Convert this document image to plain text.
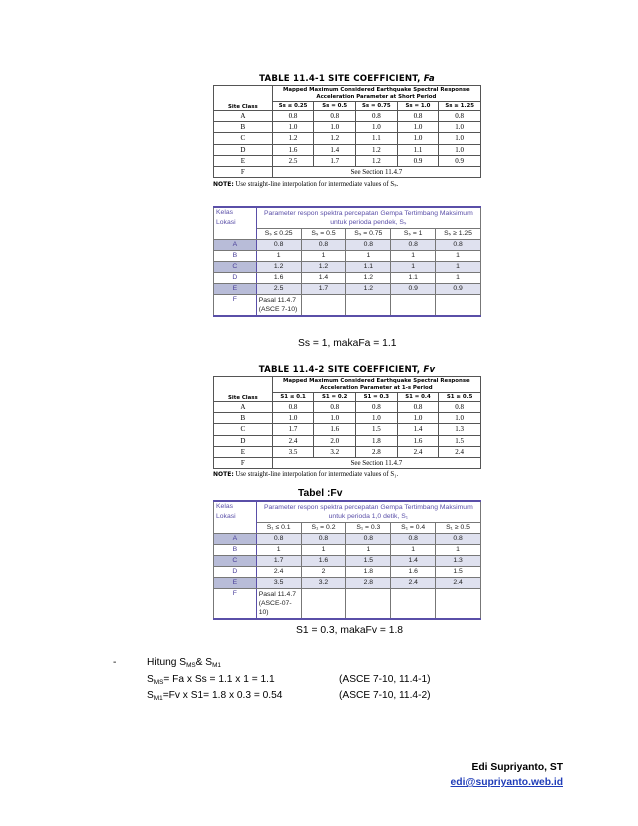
TABLE 11.4-1 SITE COEFFICIENT, Fa
Site Class	Mapped Maximum Considered Earthquake Spectral Response Acceleration Parameter at Short Period				
	Ss ≤ 0.25	Ss = 0.5	Ss = 0.75	Ss = 1.0	Ss ≥ 1.25
A	0.8	0.8	0.8	0.8	0.8
B	1.0	1.0	1.0	1.0	1.0
C	1.2	1.2	1.1	1.0	1.0
D	1.6	1.4	1.2	1.1	1.0
E	2.5	1.7	1.2	0.9	0.9
F	See Section 11.4.7				
NOTE: Use straight-line interpolation for intermediate values of Sₛ.
Kelas Lokasi	Parameter respon spektra percepatan Gempa Tertimbang Maksimum untuk perioda pendek, Sₛ				
	Sₛ ≤ 0.25	Sₛ = 0.5	Sₛ = 0.75	Sₛ = 1	Sₛ ≥ 1.25
A	0.8	0.8	0.8	0.8	0.8
B	1	1	1	1	1
C	1.2	1.2	1.1	1	1
D	1.6	1.4	1.2	1.1	1
E	2.5	1.7	1.2	0.9	0.9
F	Pasal 11.4.7
(ASCE 7-10)				
Ss = 1, makaFa = 1.1
TABLE 11.4-2 SITE COEFFICIENT, Fv
Site Class	Mapped Maximum Considered Earthquake Spectral Response Acceleration Parameter at 1-s Period				
	S1 ≤ 0.1	S1 = 0.2	S1 = 0.3	S1 = 0.4	S1 ≥ 0.5
A	0.8	0.8	0.8	0.8	0.8
B	1.0	1.0	1.0	1.0	1.0
C	1.7	1.6	1.5	1.4	1.3
D	2.4	2.0	1.8	1.6	1.5
E	3.5	3.2	2.8	2.4	2.4
F	See Section 11.4.7				
NOTE: Use straight-line interpolation for intermediate values of S₁.
Tabel :Fv
Kelas Lokasi	Parameter respon spektra percepatan Gempa Tertimbang Maksimum untuk perioda 1,0 detik, S₁				
	S₁ ≤ 0.1	S₁ = 0.2	S₁ = 0.3	S₁ = 0.4	S₁ ≥ 0.5
A	0.8	0.8	0.8	0.8	0.8
B	1	1	1	1	1
C	1.7	1.6	1.5	1.4	1.3
D	2.4	2	1.8	1.6	1.5
E	3.5	3.2	2.8	2.4	2.4
F	Pasal 11.4.7
(ASCE-07-10)				
S1 = 0.3, makaFv = 1.8
-	Hitung $S_{MS}\&$ $S_{M1}$
$S_{MS}= Fa$ x Ss = 1.1 x 1 = 1.1	(ASCE 7-10, 11.4-1)
$S_{M1}=Fv$ x S1= 1.8 x 0.3 = 0.54	(ASCE 7-10, 11.4-2)
Edi Supriyanto, ST
edi@supriyanto.web.id
